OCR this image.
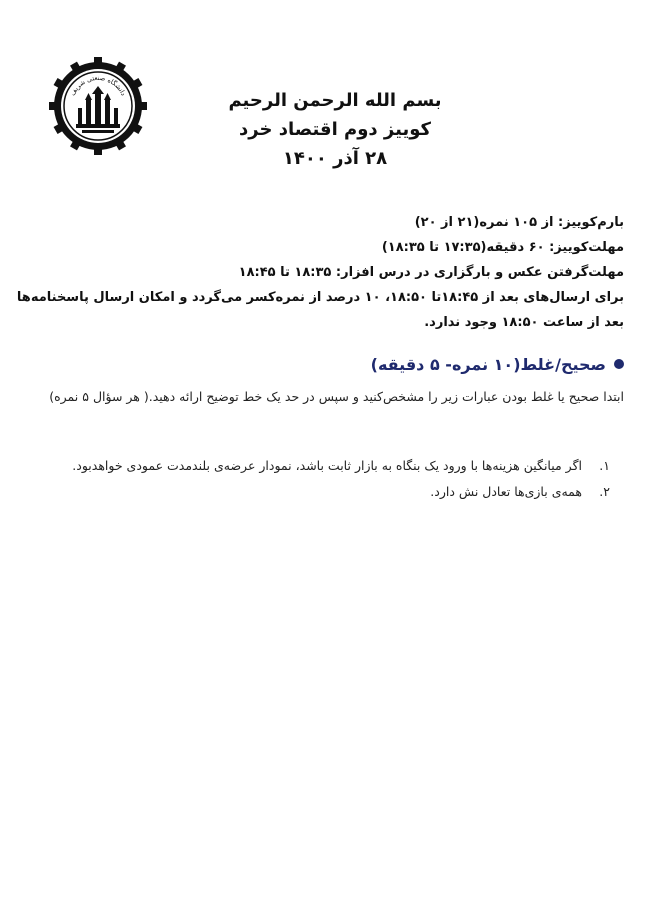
دانشگاه صنعتی شریف	بسم الله الرحمن الرحیم
کوییز دوم اقتصاد خرد
۲۸ آذر ۱۴۰۰
بارم‌کوییز: از ۱۰۵ نمره(۲۱ از ۲۰)
مهلت‌کوییز: ۶۰ دقیقه(۱۷:۳۵ تا ۱۸:۳۵)
مهلت‌گرفتن عکس و بارگزاری در درس افزار: ۱۸:۳۵ تا ۱۸:۴۵
برای ارسال‌های بعد از ۱۸:۴۵تا ۱۸:۵۰، ۱۰ درصد از نمره‌کسر می‌گردد و امکان ارسال پاسخنامه‌ها
بعد از ساعت ۱۸:۵۰ وجود ندارد.
صحیح/غلط(۱۰ نمره- ۵ دقیقه)
ابتدا صحیح یا غلط بودن عبارات زیر را مشخص‌کنید و سپس در حد یک خط توضیح ارائه دهید.( هر سؤال ۵ نمره)
۱.
اگر میانگین هزینه‌ها با ورود یک بنگاه به بازار ثابت باشد، نمودار عرضه‌ی بلندمدت عمودی خواهدبود.
۲.
همه‌ی بازی‌ها تعادل نش دارد.
